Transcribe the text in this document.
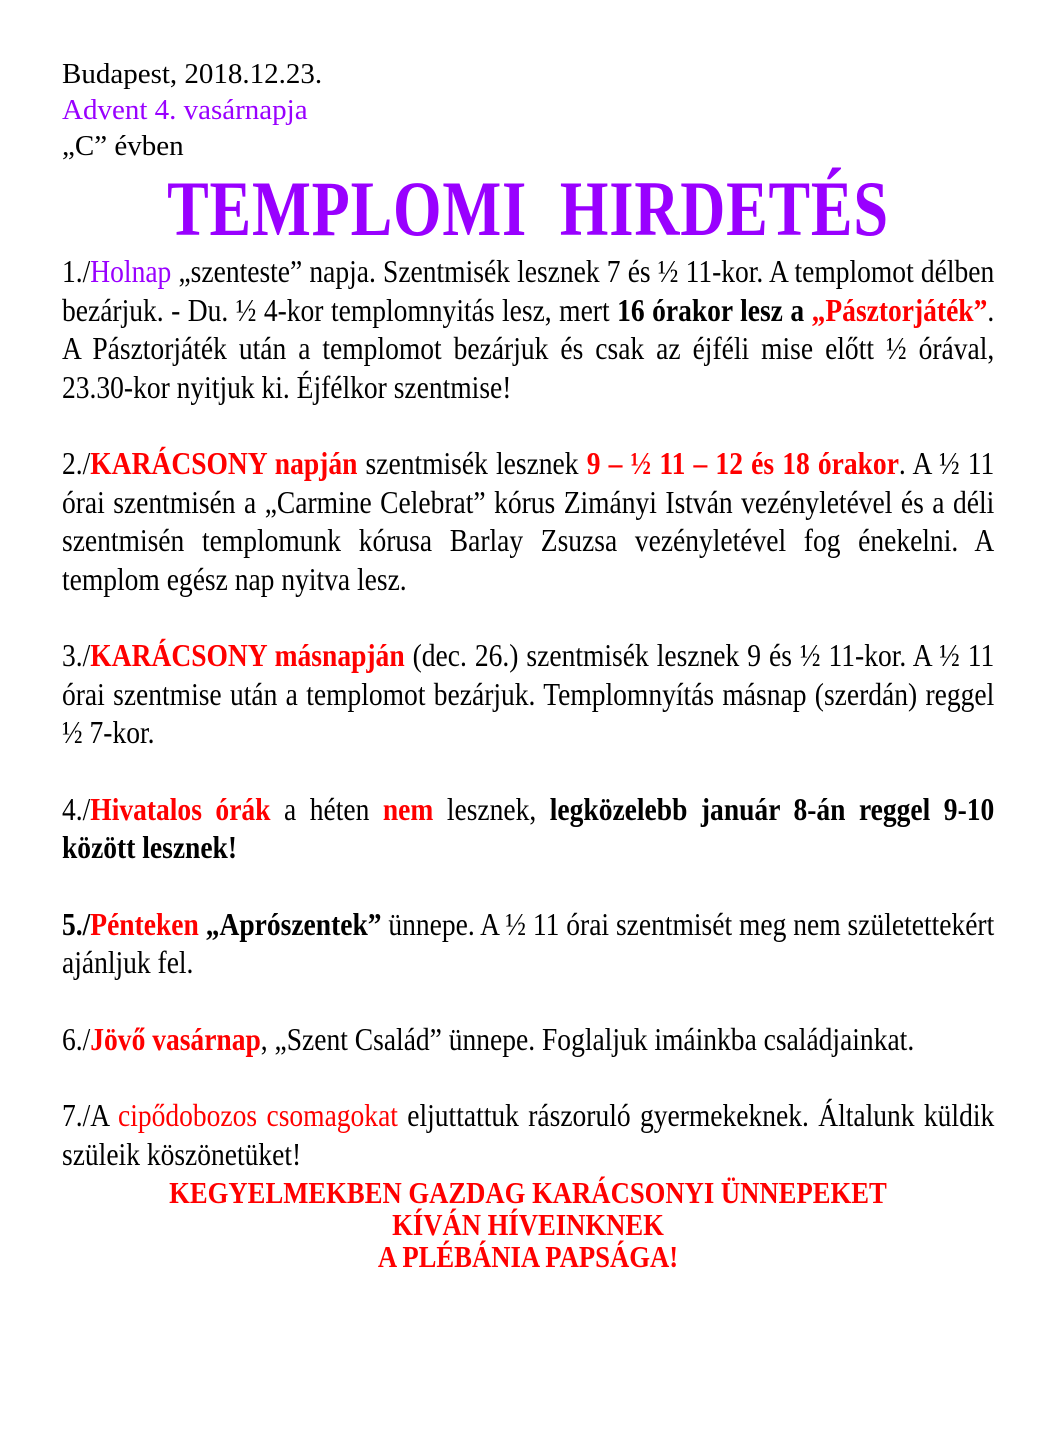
Budapest, 2018.12.23.
Advent 4. vasárnapja
„C” évben
TEMPLOMI  HIRDETÉS
1./Holnap „szenteste” napja. Szentmisék lesznek 7 és ½ 11-kor. A templomot délben bezárjuk. - Du. ½ 4-kor templomnyitás lesz, mert 16 órakor lesz a „Pásztorjáték”. A Pásztorjáték után a templomot bezárjuk és csak az éjféli mise előtt ½ órával, 23.30-kor nyitjuk ki. Éjfélkor szentmise!
2./KARÁCSONY napján szentmisék lesznek 9 – ½ 11 – 12 és 18 órakor. A ½ 11 órai szentmisén a „Carmine Celebrat” kórus Zimányi István vezényletével és a déli szentmisén templomunk kórusa Barlay Zsuzsa vezényletével fog énekelni. A templom egész nap nyitva lesz.
3./KARÁCSONY másnapján (dec. 26.) szentmisék lesznek 9 és ½ 11-kor. A ½ 11 órai szentmise után a templomot bezárjuk. Templomnyítás másnap (szerdán) reggel ½ 7-kor.
4./Hivatalos órák a héten nem lesznek, legközelebb január 8-án reggel 9-10 között lesznek!
5./Pénteken „Aprószentek” ünnepe. A ½ 11 órai szentmisét meg nem születettekért ajánljuk fel.
6./Jövő vasárnap, „Szent Család” ünnepe. Foglaljuk imáinkba családjainkat.
7./A cipődobozos csomagokat eljuttattuk rászoruló gyermekeknek. Általunk küldik szüleik köszönetüket!
KEGYELMEKBEN GAZDAG KARÁCSONYI ÜNNEPEKET
KÍVÁN HÍVEINKNEK
A PLÉBÁNIA PAPSÁGA!
